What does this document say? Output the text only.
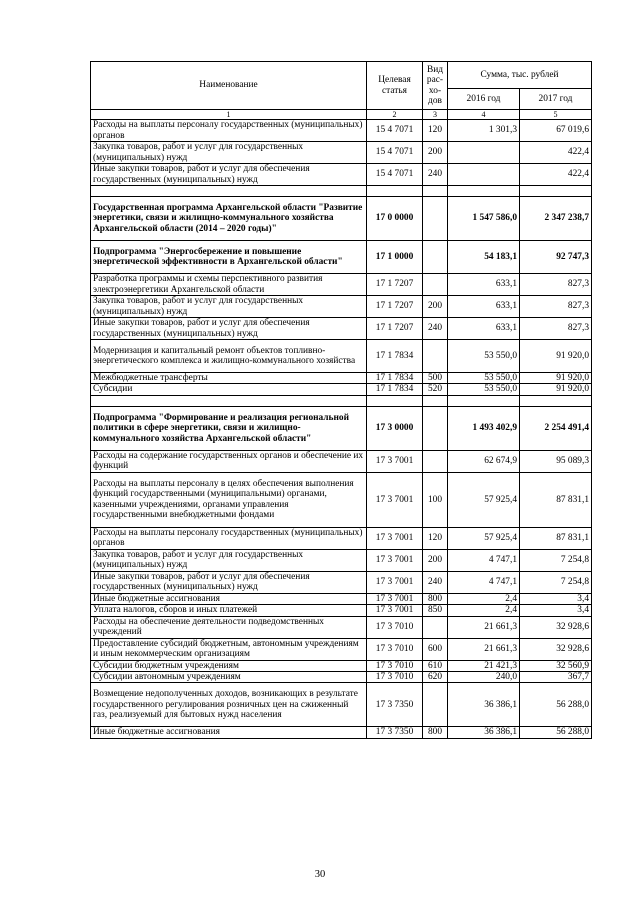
Наименование	Целевая статья	Вид
рас-
хо-
дов	Сумма, тыс. рублей	
			2016 год	2017 год
1	2	3	4	5
Расходы на выплаты персоналу государственных (муниципальных) органов	15 4 7071	120	1 301,3	67 019,6
Закупка товаров, работ и услуг для государственных (муниципальных) нужд	15 4 7071	200		422,4
Иные закупки товаров, работ и услуг для обеспечения государственных (муниципальных) нужд	15 4 7071	240		422,4

Государственная программа Архангельской области "Развитие энергетики, связи и жилищно-коммунального хозяйства Архангельской области (2014 – 2020 годы)"	17 0 0000		1 547 586,0	2 347 238,7
Подпрограмма "Энергосбережение и повышение энергетической эффективности в Архангельской области"	17 1 0000		54 183,1	92 747,3
Разработка программы и схемы перспективного развития электроэнергетики Архангельской области	17 1 7207		633,1	827,3
Закупка товаров, работ и услуг для государственных (муниципальных) нужд	17 1 7207	200	633,1	827,3
Иные закупки товаров, работ и услуг для обеспечения государственных (муниципальных) нужд	17 1 7207	240	633,1	827,3
Модернизация и капитальный ремонт объектов топливно-энергетического комплекса и жилищно-коммунального хозяйства	17 1 7834		53 550,0	91 920,0
Межбюджетные трансферты	17 1 7834	500	53 550,0	91 920,0
Субсидии	17 1 7834	520	53 550,0	91 920,0

Подпрограмма "Формирование и реализация региональной политики в сфере энергетики, связи и жилищно-коммунального хозяйства Архангельской области"	17 3 0000		1 493 402,9	2 254 491,4
Расходы на содержание государственных органов и обеспечение их функций	17 3 7001		62 674,9	95 089,3
Расходы на выплаты персоналу в целях обеспечения выполнения функций государственными (муниципальными) органами, казенными учреждениями, органами управления государственными внебюджетными фондами	17 3 7001	100	57 925,4	87 831,1
Расходы на выплаты персоналу государственных (муниципальных) органов	17 3 7001	120	57 925,4	87 831,1
Закупка товаров, работ и услуг для государственных (муниципальных) нужд	17 3 7001	200	4 747,1	7 254,8
Иные закупки товаров, работ и услуг для обеспечения государственных (муниципальных) нужд	17 3 7001	240	4 747,1	7 254,8
Иные бюджетные ассигнования	17 3 7001	800	2,4	3,4
Уплата налогов, сборов и иных платежей	17 3 7001	850	2,4	3,4
Расходы на обеспечение деятельности подведомственных учреждений	17 3 7010		21 661,3	32 928,6
Предоставление субсидий бюджетным, автономным учреждениям и иным некоммерческим организациям	17 3 7010	600	21 661,3	32 928,6
Субсидии бюджетным учреждениям	17 3 7010	610	21 421,3	32 560,9
Субсидии автономным учреждениям	17 3 7010	620	240,0	367,7
Возмещение недополученных доходов, возникающих в результате государственного регулирования розничных цен на сжиженный газ, реализуемый для бытовых нужд населения	17 3 7350		36 386,1	56 288,0
Иные бюджетные ассигнования	17 3 7350	800	36 386,1	56 288,0
30
